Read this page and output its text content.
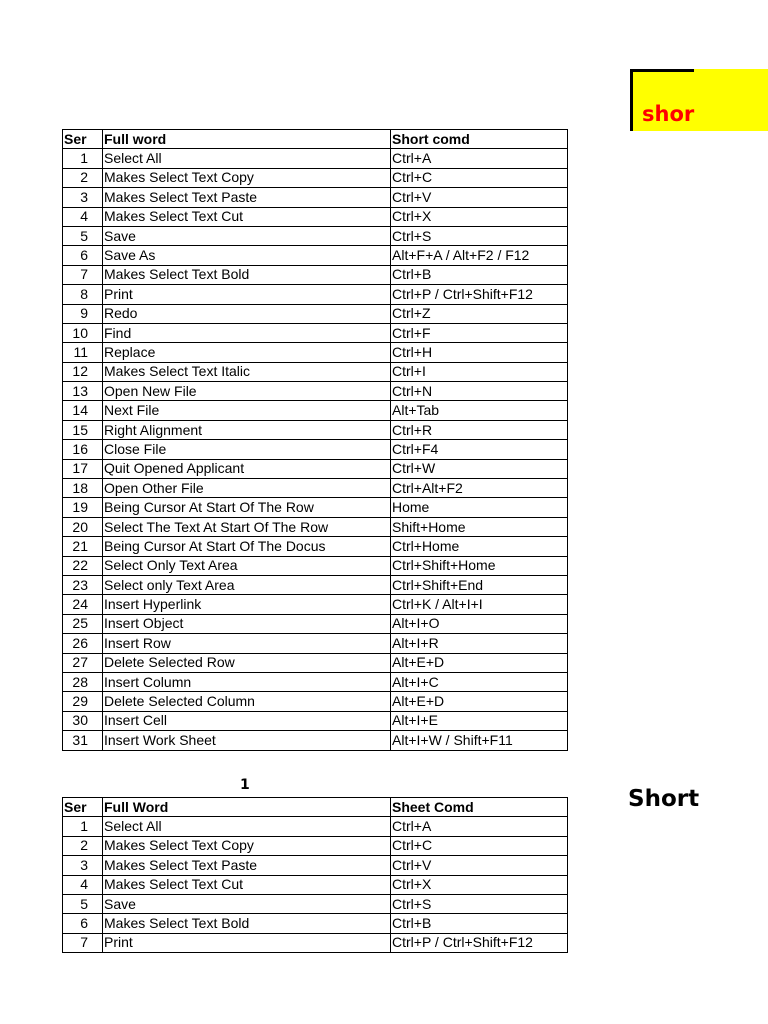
shor
Ser	Full word	Short comd
1	Select All	Ctrl+A
2	Makes Select Text Copy	Ctrl+C
3	Makes Select Text Paste	Ctrl+V
4	Makes Select Text Cut	Ctrl+X
5	Save	Ctrl+S
6	Save As	Alt+F+A / Alt+F2 / F12
7	Makes Select Text Bold	Ctrl+B
8	Print	Ctrl+P / Ctrl+Shift+F12
9	Redo	Ctrl+Z
10	Find	Ctrl+F
11	Replace	Ctrl+H
12	Makes Select Text Italic	Ctrl+I
13	Open New File	Ctrl+N
14	Next File	Alt+Tab
15	Right Alignment	Ctrl+R
16	Close File	Ctrl+F4
17	Quit Opened Applicant	Ctrl+W
18	Open Other File	Ctrl+Alt+F2
19	Being Cursor At Start Of The Row	Home
20	Select The Text At Start Of The Row	Shift+Home
21	Being Cursor At Start Of The Docus	Ctrl+Home
22	Select Only Text Area	Ctrl+Shift+Home
23	Select only Text Area	Ctrl+Shift+End
24	Insert Hyperlink	Ctrl+K / Alt+I+I
25	Insert Object	Alt+I+O
26	Insert Row	Alt+I+R
27	Delete Selected Row	Alt+E+D
28	Insert Column	Alt+I+C
29	Delete Selected Column	Alt+E+D
30	Insert Cell	Alt+I+E
31	Insert Work Sheet	Alt+I+W / Shift+F11
1
Short
Ser	Full Word	Sheet Comd
1	Select All	Ctrl+A
2	Makes Select Text Copy	Ctrl+C
3	Makes Select Text Paste	Ctrl+V
4	Makes Select Text Cut	Ctrl+X
5	Save	Ctrl+S
6	Makes Select Text Bold	Ctrl+B
7	Print	Ctrl+P / Ctrl+Shift+F12
